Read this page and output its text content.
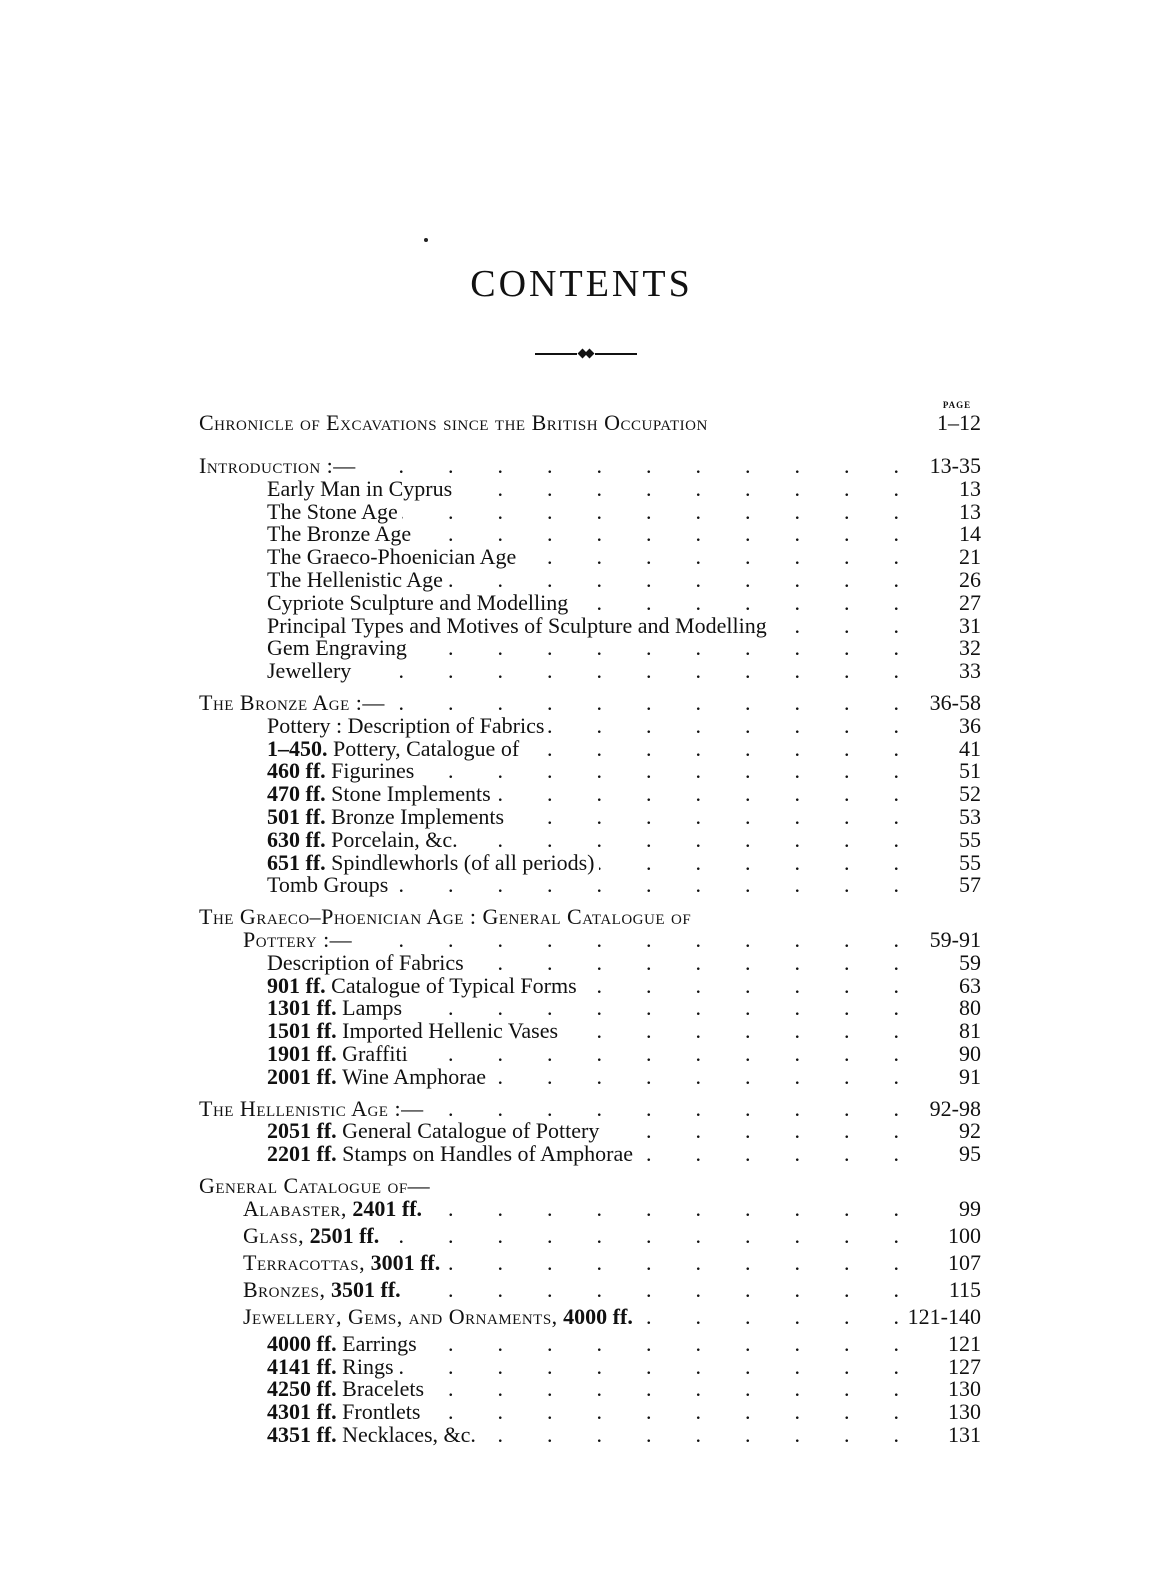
CONTENTS
PAGE
Chronicle of Excavations since the British Occupation	1–12
Introduction :— .	13-35
Early Man in Cyprus .	13
The Stone Age .	13
The Bronze Age .	14
The Graeco-Phoenician Age .	21
The Hellenistic Age .	26
Cypriote Sculpture and Modelling .	27
Principal Types and Motives of Sculpture and Modelling .	31
Gem Engraving .	32
Jewellery .	33
The Bronze Age :— .	36-58
Pottery : Description of Fabrics .	36
1–450. Pottery, Catalogue of .	41
460 ff. Figurines .	51
470 ff. Stone Implements .	52
501 ff. Bronze Implements .	53
630 ff. Porcelain, &c. .	55
651 ff. Spindlewhorls (of all periods) .	55
Tomb Groups .	57
The Graeco–Phoenician Age : General Catalogue of
Pottery :— .	59-91
Description of Fabrics .	59
901 ff. Catalogue of Typical Forms .	63
1301 ff. Lamps .	80
1501 ff. Imported Hellenic Vases .	81
1901 ff. Graffiti .	90
2001 ff. Wine Amphorae .	91
The Hellenistic Age :— .	92-98
2051 ff. General Catalogue of Pottery .	92
2201 ff. Stamps on Handles of Amphorae .	95
General Catalogue of—
Alabaster, 2401 ff. .	99
Glass, 2501 ff. .	100
Terracottas, 3001 ff. .	107
Bronzes, 3501 ff. .	115
Jewellery, Gems, and Ornaments, 4000 ff. .	121-140
4000 ff. Earrings .	121
4141 ff. Rings .	127
4250 ff. Bracelets .	130
4301 ff. Frontlets .	130
4351 ff. Necklaces, &c. .	131
